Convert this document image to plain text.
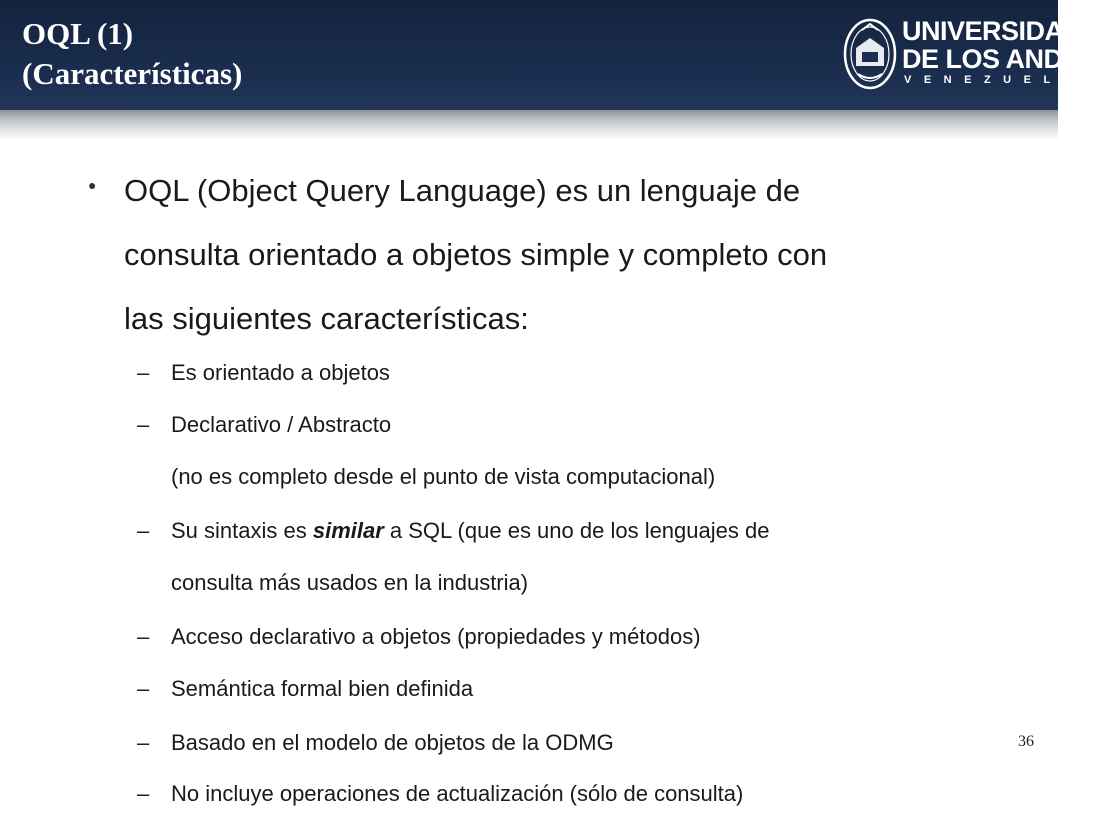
OQL (1)
(Características)
UNIVERSIDAD
DE LOS ANDES
VENEZUELA
● OQL (Object Query Language) es un lenguaje de
consulta orientado a objetos simple y completo con
las siguientes características:

– Es orientado a objetos
– Declarativo / Abstracto
(no es completo desde el punto de vista computacional)
– Su sintaxis es similar a SQL (que es uno de los lenguajes de
consulta más usados en la industria)
– Acceso declarativo a objetos (propiedades y métodos)
– Semántica formal bien definida
– Basado en el modelo de objetos de la ODMG
– No incluye operaciones de actualización (sólo de consulta)
36
